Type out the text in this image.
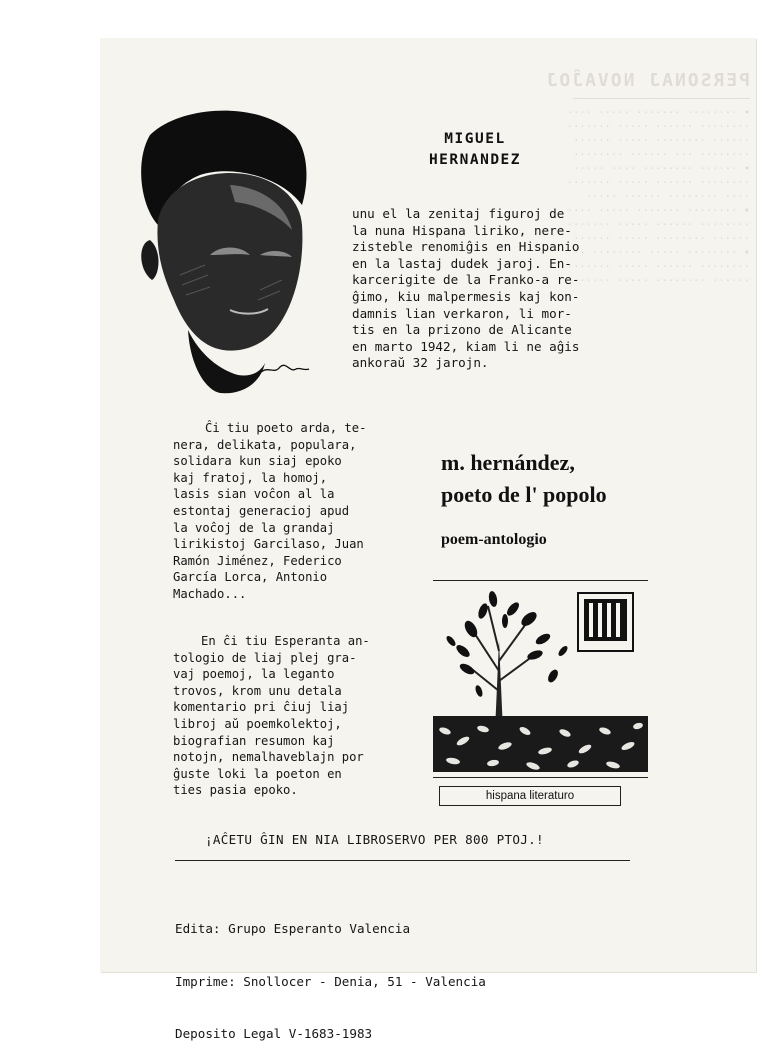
PERSONAJ NOVAĴOJ
────────────────────────────
• ········ ······· ····· ····
········ ······ ····· ·······
······ ········ ····· ······
········ ··· ······ ········
• ······ ········ ···· ·····
········ ······ ····· ·······
···· ········ ······ ·····
• ········ ······· ····· ····
········ ······ ····· ·······
······ ········ ····· ······
• ········ ····· ········ ··
········ ······ ····· ·······
······ ········ ····· ······
MIGUEL
HERNANDEZ
unu el la zenitaj figuroj de
la nuna Hispana liriko, nere-
zisteble renomiĝis en Hispanio
en la lastaj dudek jaroj. En-
karcerigite de la Franko-a re-
ĝimo, kiu malpermesis kaj kon-
damnis lian verkaron, li mor-
tis en la prizono de Alicante
en marto 1942, kiam li ne aĝis
ankoraŭ 32 jarojn.
Ĉi tiu poeto arda, te-
nera, delikata, populara,
solidara kun siaj epoko
kaj fratoj, la homoj,
lasis sian voĉon al la
estontaj generacioj apud
la voĉoj de la grandaj
lirikistoj Garcilaso, Juan
Ramón Jiménez, Federico
García Lorca, Antonio
Machado...
En ĉi tiu Esperanta an-
tologio de liaj plej gra-
vaj poemoj, la leganto
trovos, krom unu detala
komentario pri ĉiuj liaj
libroj aŭ poemkolektoj,
biografian resumon kaj
notojn, nemalhaveblajn por
ĝuste loki la poeton en
ties pasia epoko.
m. hernández,
poeto de l' popolo
poem-antologio
hispana literaturo
¡AĈETU ĜIN EN NIA LIBROSERVO PER 800 PTOJ.!

Edita: Grupo Esperanto Valencia

Imprime: Snollocer - Denia, 51 - Valencia

Deposito Legal V-1683-1983
